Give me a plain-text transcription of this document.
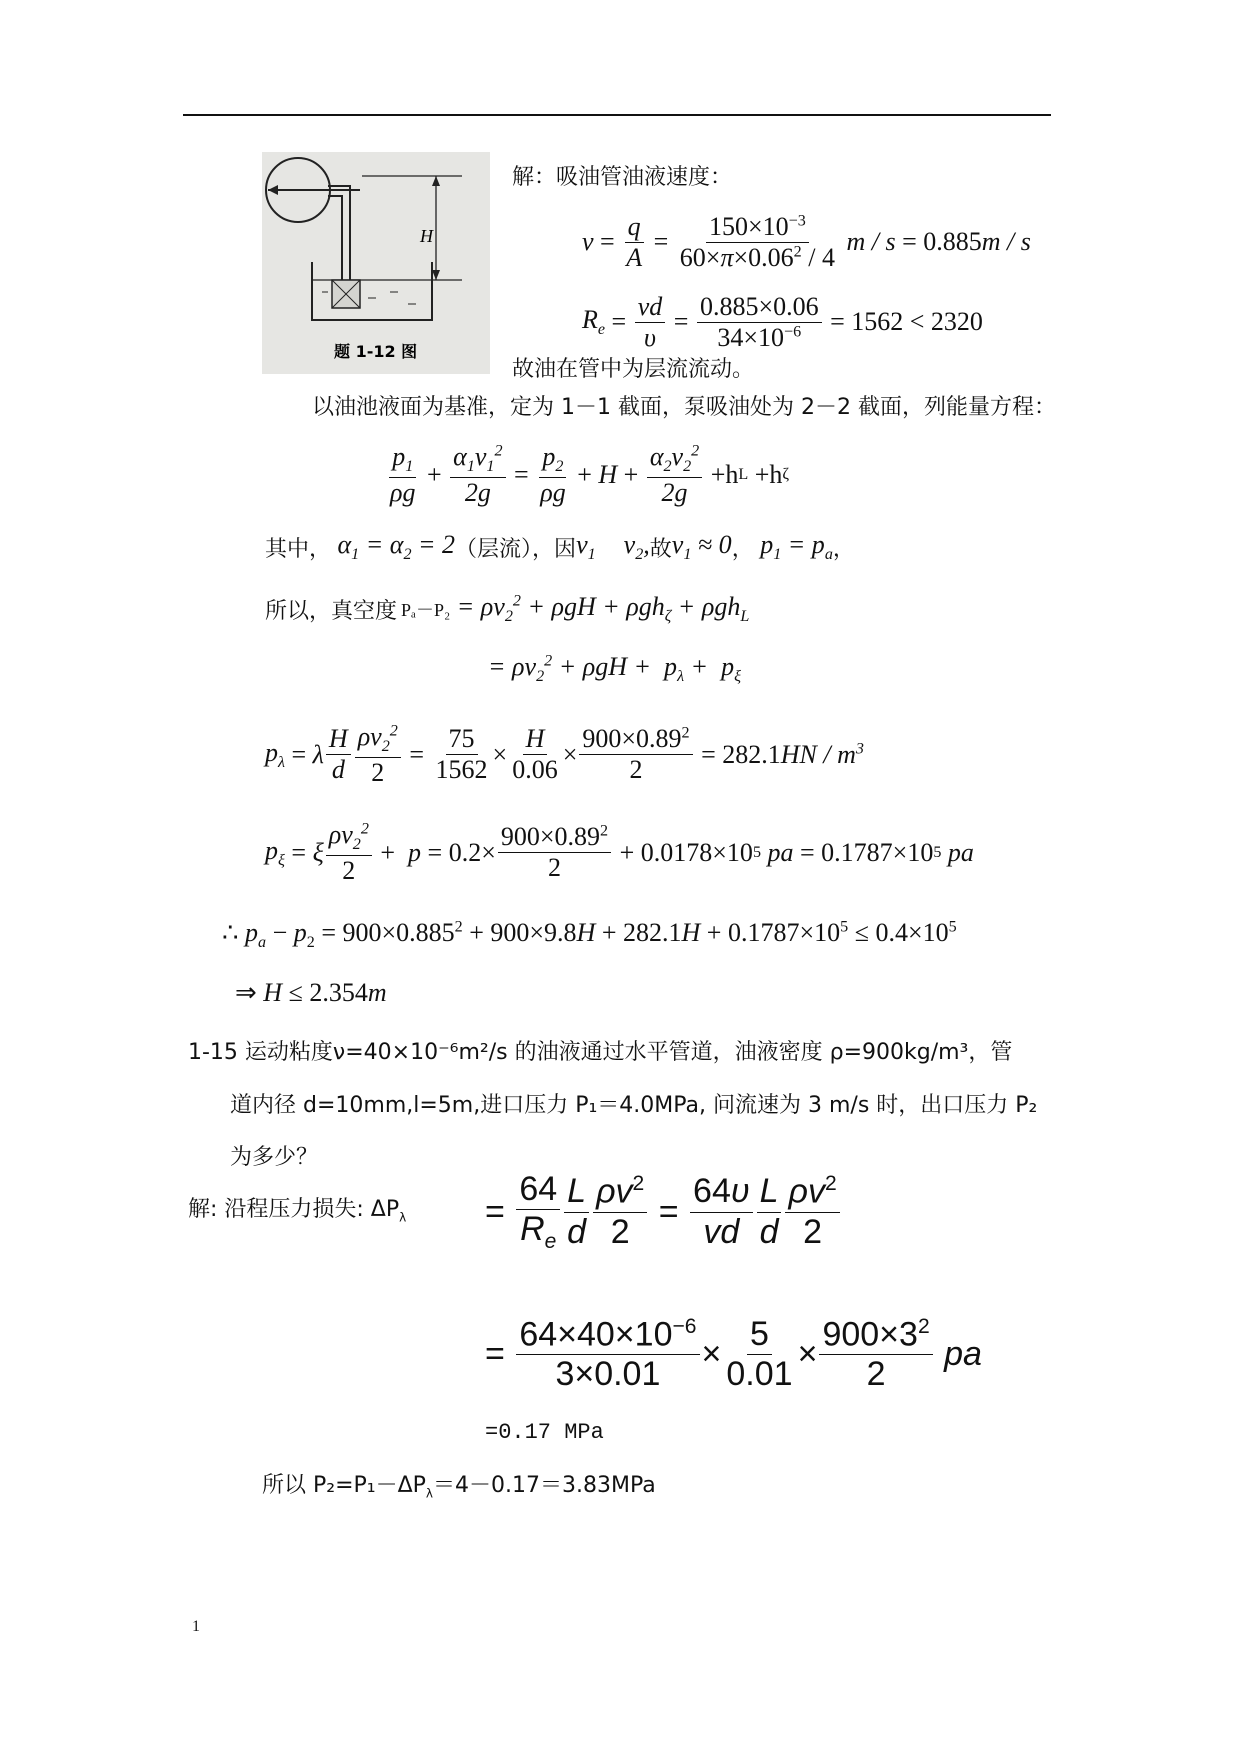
H
题 1-12 图
解：吸油管油液速度：
$v = \frac{q}{A} = \frac{150\times 10^{-3}}{60\times\pi\times 0.06^2 / 4}$
m / s = 0.885 m / s
$R_e = \frac{vd}{\upsilon} = \frac{0.885\times 0.06}{34\times 10^{-6}} = 1562 < 2320$
故油在管中为层流流动。
以油池液面为基准，定为 1－1 截面，泵吸油处为 2－2 截面，列能量方程：
$\frac{p_1}{\rho g} + \frac{\alpha_1v_1^2}{2g} = \frac{p_2}{\rho g} + H + \frac{\alpha_2v_2^2}{2g} +h$ L +h ζ
其中， $\alpha_1 = \alpha_2 = 2$ （层流），因 $v_1$ $v_2$, 故 $v_1 \approx 0$ ， $p_1 = p_a$ ，
所以，真空度
$P_a-P_2 = \rho v_2^2 + \rho gH + \rho gh_\zeta + \rho gh_L$
= $\rho v_2^2 + \rho gH + p_\lambda + p_\xi$
$p_\lambda = \lambda \frac{H}{d} \frac{\rho v_2^2}{2} = \frac{75}{1562} \times \frac{H}{0.06} \times \frac{900\times 0.89^2}{2} = 282.1$ HN / $m^3$
$p_\xi = \xi \frac{\rho v_2^2}{2} + p = 0.2\times \frac{900\times 0.89^2}{2} + 0.0178\times 10$ 5
pa = 0.1787×10 5
pa
∴ $p_a - p_2 = 900\times 0.885^2 + 900\times 9.8H + 282.1H + 0.1787\times 10^5 \le 0.4\times 10^5$
⇒ H ≤ 2.354m
1-15 运动粘度ν=40×10⁻⁶m²/s 的油液通过水平管道，油液密度 ρ=900kg/m³，管
道内径 d=10mm,l=5m,进口压力 P₁＝4.0MPa, 问流速为 3 m/s 时，出口压力 P₂
为多少？
解: 沿程压力损失: $\Delta P_\lambda = \frac{64}{R_e} \frac{L}{d} \frac{\rho v^2}{2} = \frac{64\upsilon}{vd} \frac{L}{d} \frac{\rho v^2}{2}$
= $\frac{64\times 40\times 10^{-6}}{3\times 0.01} \times \frac{5}{0.01} \times \frac{900\times 3^2}{2}$
pa
=0.17 MPa
所以 $P_2=P_1-\Delta P_\lambda=4-0.17=3.83MPa$
1
